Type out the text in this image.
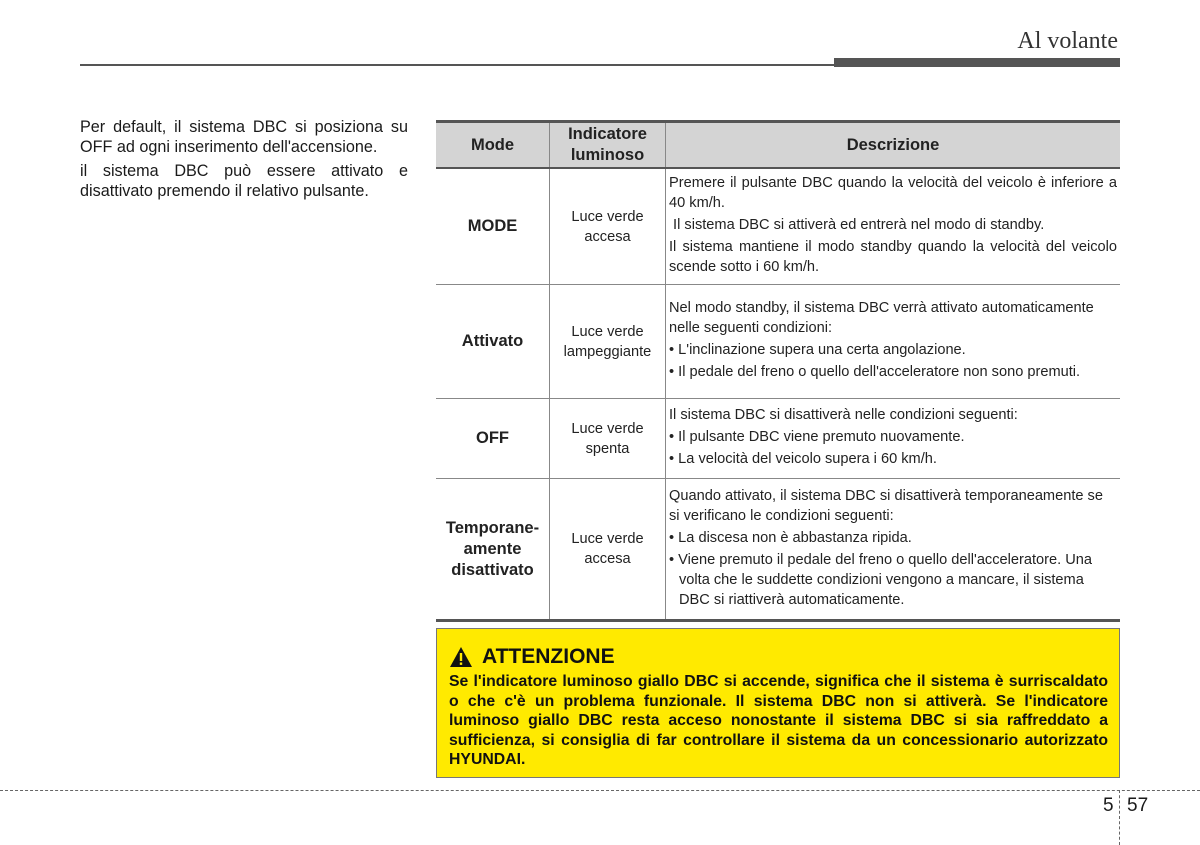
Al volante

Per default, il sistema DBC si posiziona su OFF ad ogni inserimento dell'accensione.

il sistema DBC può essere attivato e disattivato premendo il relativo pulsante.

Mode	Indicatore luminoso	Descrizione
MODE	Luce verde accesa	Premere il pulsante DBC quando la velocità del veicolo è inferiore a 40 km/h.
Il sistema DBC si attiverà ed entrerà nel modo di standby.
Il sistema mantiene il modo standby quando la velocità del veicolo scende sotto i 60 km/h.

Attivato	Luce verde lampeggiante	Nel modo standby, il sistema DBC verrà attivato automaticamente nelle seguenti condizioni:
• L'inclinazione supera una certa angolazione.
• Il pedale del freno o quello dell'acceleratore non sono premuti.

OFF	Luce verde spenta	Il sistema DBC si disattiverà nelle condizioni seguenti:
• Il pulsante DBC viene premuto nuovamente.
• La velocità del veicolo supera i 60 km/h.

Temporane-amente disattivato	Luce verde accesa	Quando attivato, il sistema DBC si disattiverà temporaneamente se si verificano le condizioni seguenti:
• La discesa non è abbastanza ripida.
• Viene premuto il pedale del freno o quello dell'acceleratore. Una volta che le suddette condizioni vengono a mancare, il sistema DBC si riattiverà automaticamente.
ATTENZIONE
Se l'indicatore luminoso giallo DBC si accende, significa che il sistema è surriscaldato o che c'è un problema funzionale. Il sistema DBC non si attiverà. Se l'indicatore luminoso giallo DBC resta acceso nonostante il sistema DBC si sia raffreddato a sufficienza, si consiglia di far controllare il sistema da un concessionario autorizzato HYUNDAI.
5 57
